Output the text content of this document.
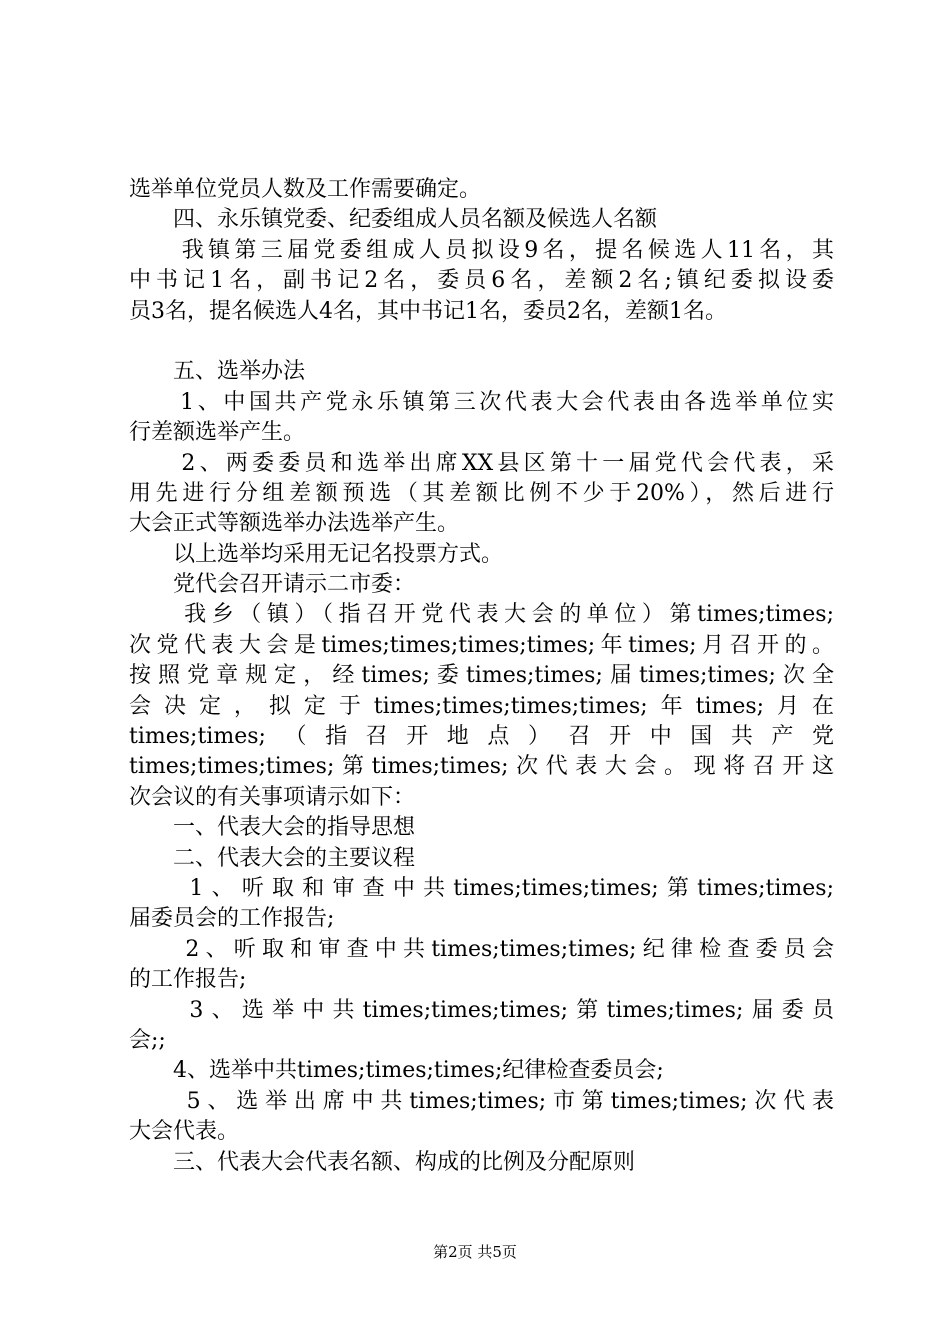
选举单位党员人数及工作需要确定。
　　四、永乐镇党委、纪委组成人员名额及候选人名额
　　我镇第三届党委组成人员拟设9名，提名候选人11名，其
中书记1名，副书记2名，委员6名，差额2名;镇纪委拟设委
员3名，提名候选人4名，其中书记1名，委员2名，差额1名。
　　五、选举办法
　　1、中国共产党永乐镇第三次代表大会代表由各选举单位实
行差额选举产生。
　　2、两委委员和选举出席XX县区第十一届党代会代表，采
用先进行分组差额预选（其差额比例不少于20%），然后进行
大会正式等额选举办法选举产生。
　　以上选举均采用无记名投票方式。
　　党代会召开请示二市委：
　　我乡（镇）（指召开党代表大会的单位）第times;times;
次党代表大会是times;times;times;times;年times;月召开的。
按照党章规定，经times;委times;times;届times;times;次全
会决定，拟定于times;times;times;times;年times;月在
times;times;（指召开地点）召开中国共产党
times;times;times;第times;times;次代表大会。现将召开这
次会议的有关事项请示如下：
　　一、代表大会的指导思想
　　二、代表大会的主要议程
　　1、听取和审查中共times;times;times;第times;times;
届委员会的工作报告;
　　2、听取和审查中共times;times;times;纪律检查委员会
的工作报告;
　　3、选举中共times;times;times;第times;times;届委员
会;;
　　4、选举中共times;times;times;纪律检查委员会;
　　5、选举出席中共times;times;市第times;times;次代表
大会代表。
　　三、代表大会代表名额、构成的比例及分配原则
第2页 共5页
